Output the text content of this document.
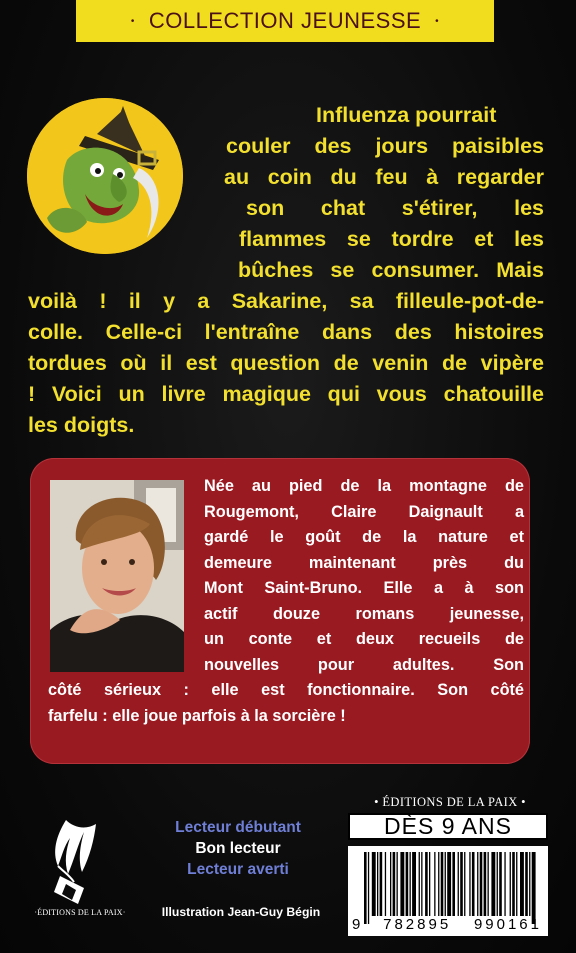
• COLLECTION JEUNESSE •
Influenza pourrait
couler des jours paisibles
au coin du feu à regarder
son chat s'étirer, les
flammes se tordre et les
bûches se consumer. Mais
voilà ! il y a Sakarine, sa filleule-pot-de-
colle. Celle-ci l'entraîne dans des histoires
tordues où il est question de venin de vipère
! Voici un livre magique qui vous chatouille
les doigts.
Née au pied de la montagne de
Rougemont, Claire Daignault a
gardé le goût de la nature et
demeure maintenant près du
Mont Saint-Bruno. Elle a à son
actif douze romans jeunesse,
un conte et deux recueils de
nouvelles pour adultes. Son
côté sérieux : elle est fonctionnaire. Son côté
farfelu : elle joue parfois à la sorcière !
·ÉDITIONS DE LA PAIX·
Lecteur débutant
Bon lecteur
Lecteur averti
Illustration Jean-Guy Bégin
• ÉDITIONS DE LA PAIX •
DÈS 9 ANS
9 782895 990161
